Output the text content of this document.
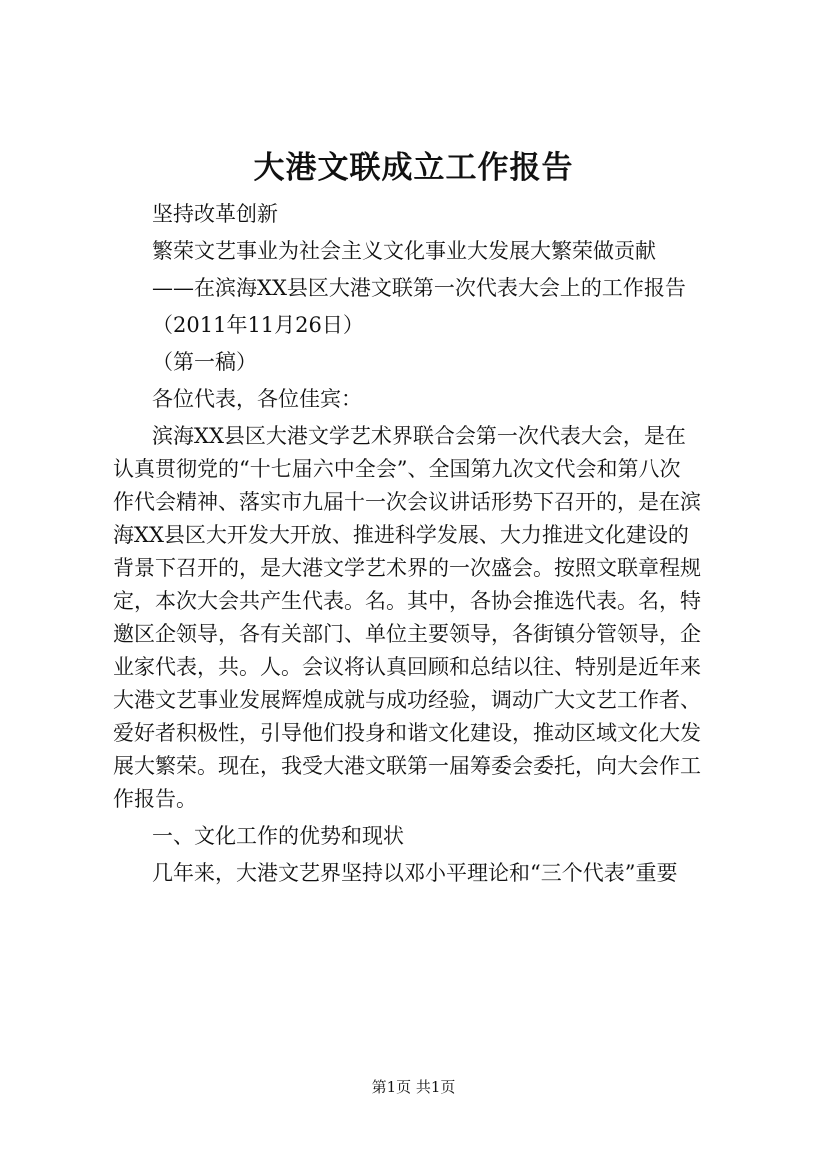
大港文联成立工作报告
坚持改革创新
繁荣文艺事业为社会主义文化事业大发展大繁荣做贡献
——在滨海XX县区大港文联第一次代表大会上的工作报告
（2011年11月26日）
（第一稿）
各位代表，各位佳宾：
滨海XX县区大港文学艺术界联合会第一次代表大会，是在
认真贯彻党的“十七届六中全会”、全国第九次文代会和第八次
作代会精神、落实市九届十一次会议讲话形势下召开的，是在滨
海XX县区大开发大开放、推进科学发展、大力推进文化建设的
背景下召开的，是大港文学艺术界的一次盛会。按照文联章程规
定，本次大会共产生代表。名。其中，各协会推选代表。名，特
邀区企领导，各有关部门、单位主要领导，各街镇分管领导，企
业家代表，共。人。会议将认真回顾和总结以往、特别是近年来
大港文艺事业发展辉煌成就与成功经验，调动广大文艺工作者、
爱好者积极性，引导他们投身和谐文化建设，推动区域文化大发
展大繁荣。现在，我受大港文联第一届筹委会委托，向大会作工
作报告。
一、文化工作的优势和现状
几年来，大港文艺界坚持以邓小平理论和“三个代表”重要
第1页 共1页
